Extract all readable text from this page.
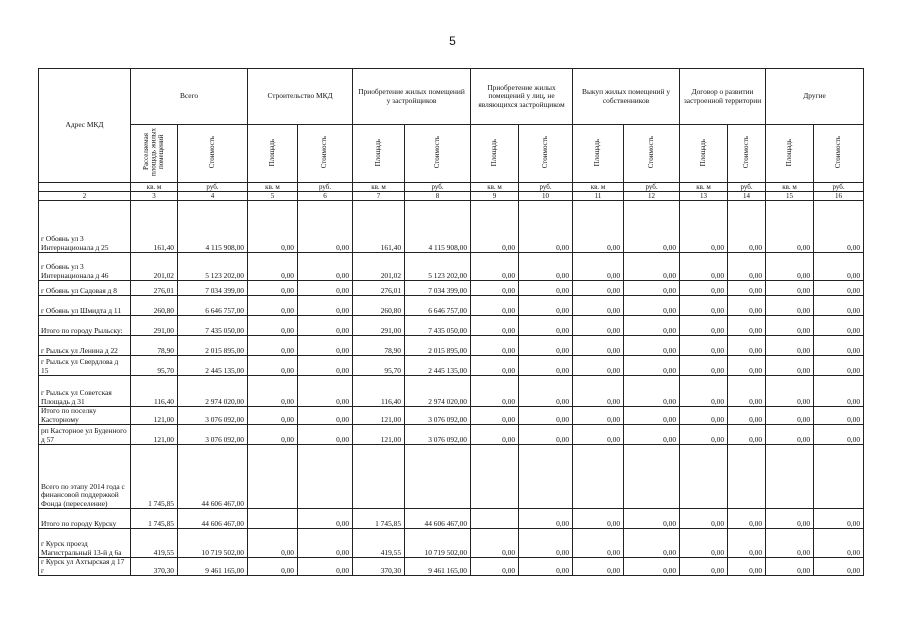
5
Адрес МКД	Всего		Строительство МКД		Приобретение жилых помещений у застройщиков		Приобретение жилых помещений у лиц, не являющихся застройщиком		Выкуп жилых помещений у собственников		Договор о развитии застроенной территории		Другие	
	Расселяемая площадь жилых помещений	Стоимость	Площадь	Стоимость	Площадь	Стоимость	Площадь	Стоимость	Площадь	Стоимость	Площадь	Стоимость	Площадь	Стоимость
	кв. м	руб.	кв. м	руб.	кв. м	руб.	кв. м	руб.	кв. м	руб.	кв. м	руб.	кв. м	руб.
2	3	4	5	6	7	8	9	10	11	12	13	14	15	16
г Обоянь ул 3 Интернационала д 25	161,40	4 115 908,00	0,00	0,00	161,40	4 115 908,00	0,00	0,00	0,00	0,00	0,00	0,00	0,00	0,00
г Обоянь ул 3 Интернационала д 46	201,02	5 123 202,00	0,00	0,00	201,02	5 123 202,00	0,00	0,00	0,00	0,00	0,00	0,00	0,00	0,00
г Обоянь ул Садовая д 8	276,01	7 034 399,00	0,00	0,00	276,01	7 034 399,00	0,00	0,00	0,00	0,00	0,00	0,00	0,00	0,00
г Обоянь ул Шмидта д 11	260,80	6 646 757,00	0,00	0,00	260,80	6 646 757,00	0,00	0,00	0,00	0,00	0,00	0,00	0,00	0,00
Итого по городу Рыльску:	291,00	7 435 050,00	0,00	0,00	291,00	7 435 050,00	0,00	0,00	0,00	0,00	0,00	0,00	0,00	0,00
г Рыльск ул Ленина д 22	78,90	2 015 895,00	0,00	0,00	78,90	2 015 895,00	0,00	0,00	0,00	0,00	0,00	0,00	0,00	0,00
г Рыльск ул Свердлова д 15	95,70	2 445 135,00	0,00	0,00	95,70	2 445 135,00	0,00	0,00	0,00	0,00	0,00	0,00	0,00	0,00
г Рыльск ул Советская Площадь д 31	116,40	2 974 020,00	0,00	0,00	116,40	2 974 020,00	0,00	0,00	0,00	0,00	0,00	0,00	0,00	0,00
Итого по поселку Касторному	121,00	3 076 092,00	0,00	0,00	121,00	3 076 092,00	0,00	0,00	0,00	0,00	0,00	0,00	0,00	0,00
рп Касторное ул Буденного д 57	121,00	3 076 092,00	0,00	0,00	121,00	3 076 092,00	0,00	0,00	0,00	0,00	0,00	0,00	0,00	0,00
Всего по этапу 2014 года с финансовой поддержкой Фонда (переселение)	1 745,85	44 606 467,00												
Итого по городу Курску	1 745,85	44 606 467,00		0,00	1 745,85	44 606 467,00		0,00	0,00	0,00	0,00	0,00	0,00	0,00
г Курск проезд Магистральный 13-й д 6а	419,55	10 719 502,00	0,00	0,00	419,55	10 719 502,00	0,00	0,00	0,00	0,00	0,00	0,00	0,00	0,00
г Курск ул Ахтырская д 17 г	370,30	9 461 165,00	0,00	0,00	370,30	9 461 165,00	0,00	0,00	0,00	0,00	0,00	0,00	0,00	0,00
